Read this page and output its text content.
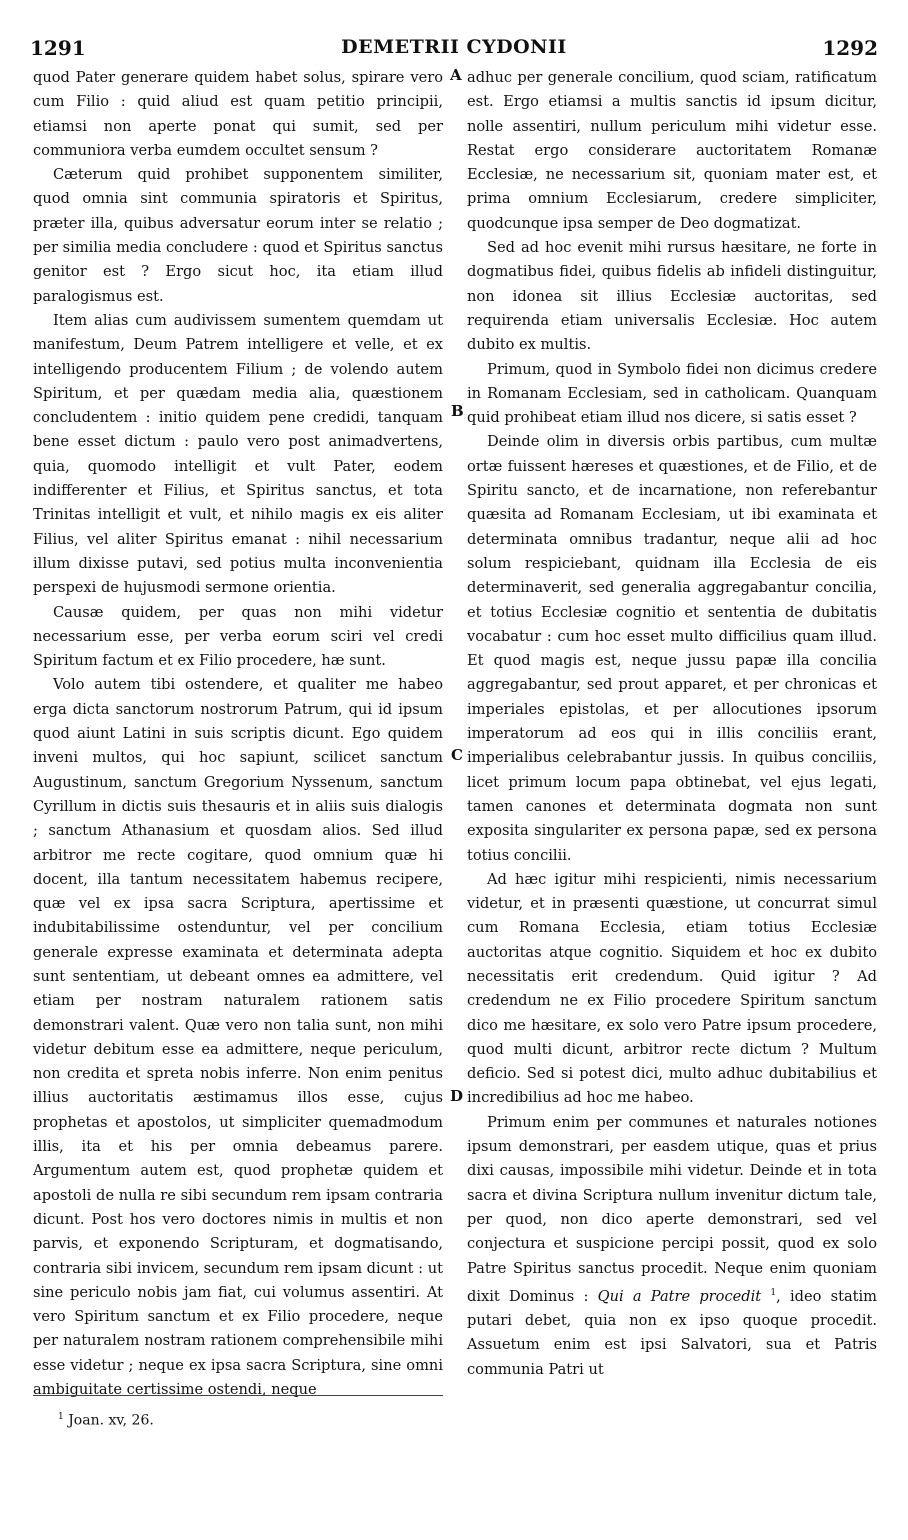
1291	DEMETRII CYDONII	1292

quod Pater generare quidem habet solus, spirare vero cum Filio : quid aliud est quam petitio principii, etiamsi non aperte ponat qui sumit, sed per communiora verba eumdem occultet sensum ?

Cæterum quid prohibet supponentem similiter, quod omnia sint communia spiratoris et Spiritus, præter illa, quibus adversatur eorum inter se relatio ; per similia media concludere : quod et Spiritus sanctus genitor est ? Ergo sicut hoc, ita etiam illud paralogismus est.

Item alias cum audivissem sumentem quemdam ut manifestum, Deum Patrem intelligere et velle, et ex intelligendo producentem Filium ; de volendo autem Spiritum, et per quædam media alia, quæstionem concludentem : initio quidem pene credidi, tanquam bene esset dictum : paulo vero post animadvertens, quia, quomodo intelligit et vult Pater, eodem indifferenter et Filius, et Spiritus sanctus, et tota Trinitas intelligit et vult, et nihilo magis ex eis aliter Filius, vel aliter Spiritus emanat : nihil necessarium illum dixisse putavi, sed potius multa inconvenientia perspexi de hujusmodi sermone orientia.

Causæ quidem, per quas non mihi videtur necessarium esse, per verba eorum sciri vel credi Spiritum factum et ex Filio procedere, hæ sunt.

Volo autem tibi ostendere, et qualiter me habeo erga dicta sanctorum nostrorum Patrum, qui id ipsum quod aiunt Latini in suis scriptis dicunt. Ego quidem inveni multos, qui hoc sapiunt, scilicet sanctum Augustinum, sanctum Gregorium Nyssenum, sanctum Cyrillum in dictis suis thesauris et in aliis suis dialogis ; sanctum Athanasium et quosdam alios. Sed illud arbitror me recte cogitare, quod omnium quæ hi docent, illa tantum necessitatem habemus recipere, quæ vel ex ipsa sacra Scriptura, apertissime et indubitabilissime ostenduntur, vel per concilium generale expresse examinata et determinata adepta sunt sententiam, ut debeant omnes ea admittere, vel etiam per nostram naturalem rationem satis demonstrari valent. Quæ vero non talia sunt, non mihi videtur debitum esse ea admittere, neque periculum, non credita et spreta nobis inferre. Non enim penitus illius auctoritatis æstimamus illos esse, cujus prophetas et apostolos, ut simpliciter quemadmodum illis, ita et his per omnia debeamus parere. Argumentum autem est, quod prophetæ quidem et apostoli de nulla re sibi secundum rem ipsam contraria dicunt. Post hos vero doctores nimis in multis et non parvis, et exponendo Scripturam, et dogmatisando, contraria sibi invicem, secundum rem ipsam dicunt : ut sine periculo nobis jam fiat, cui volumus assentiri. At vero Spiritum sanctum et ex Filio procedere, neque per naturalem nostram rationem comprehensibile mihi esse videtur ; neque ex ipsa sacra Scriptura, sine omni ambiguitate certissime ostendi, neque

A
B
C
D

adhuc per generale concilium, quod sciam, ratificatum est. Ergo etiamsi a multis sanctis id ipsum dicitur, nolle assentiri, nullum periculum mihi videtur esse. Restat ergo considerare auctoritatem Romanæ Ecclesiæ, ne necessarium sit, quoniam mater est, et prima omnium Ecclesiarum, credere simpliciter, quodcunque ipsa semper de Deo dogmatizat.

Sed ad hoc evenit mihi rursus hæsitare, ne forte in dogmatibus fidei, quibus fidelis ab infideli distinguitur, non idonea sit illius Ecclesiæ auctoritas, sed requirenda etiam universalis Ecclesiæ. Hoc autem dubito ex multis.

Primum, quod in Symbolo fidei non dicimus credere in Romanam Ecclesiam, sed in catholicam. Quanquam quid prohibeat etiam illud nos dicere, si satis esset ?

Deinde olim in diversis orbis partibus, cum multæ ortæ fuissent hæreses et quæstiones, et de Filio, et de Spiritu sancto, et de incarnatione, non referebantur quæsita ad Romanam Ecclesiam, ut ibi examinata et determinata omnibus tradantur, neque alii ad hoc solum respiciebant, quidnam illa Ecclesia de eis determinaverit, sed generalia aggregabantur concilia, et totius Ecclesiæ cognitio et sententia de dubitatis vocabatur : cum hoc esset multo difficilius quam illud. Et quod magis est, neque jussu papæ illa concilia aggregabantur, sed prout apparet, et per chronicas et imperiales epistolas, et per allocutiones ipsorum imperatorum ad eos qui in illis conciliis erant, imperialibus celebrabantur jussis. In quibus conciliis, licet primum locum papa obtinebat, vel ejus legati, tamen canones et determinata dogmata non sunt exposita singulariter ex persona papæ, sed ex persona totius concilii.

Ad hæc igitur mihi respicienti, nimis necessarium videtur, et in præsenti quæstione, ut concurrat simul cum Romana Ecclesia, etiam totius Ecclesiæ auctoritas atque cognitio. Siquidem et hoc ex dubito necessitatis erit credendum. Quid igitur ? Ad credendum ne ex Filio procedere Spiritum sanctum dico me hæsitare, ex solo vero Patre ipsum procedere, quod multi dicunt, arbitror recte dictum ? Multum deficio. Sed si potest dici, multo adhuc dubitabilius et incredibilius ad hoc me habeo.

Primum enim per communes et naturales notiones ipsum demonstrari, per easdem utique, quas et prius dixi causas, impossibile mihi videtur. Deinde et in tota sacra et divina Scriptura nullum invenitur dictum tale, per quod, non dico aperte demonstrari, sed vel conjectura et suspicione percipi possit, quod ex solo Patre Spiritus sanctus procedit. Neque enim quoniam dixit Dominus : Qui a Patre procedit $^1$, ideo statim putari debet, quia non ex ipso quoque procedit. Assuetum enim est ipsi Salvatori, sua et Patris communia Patri ut

$^1$ Joan. xv, 26.
